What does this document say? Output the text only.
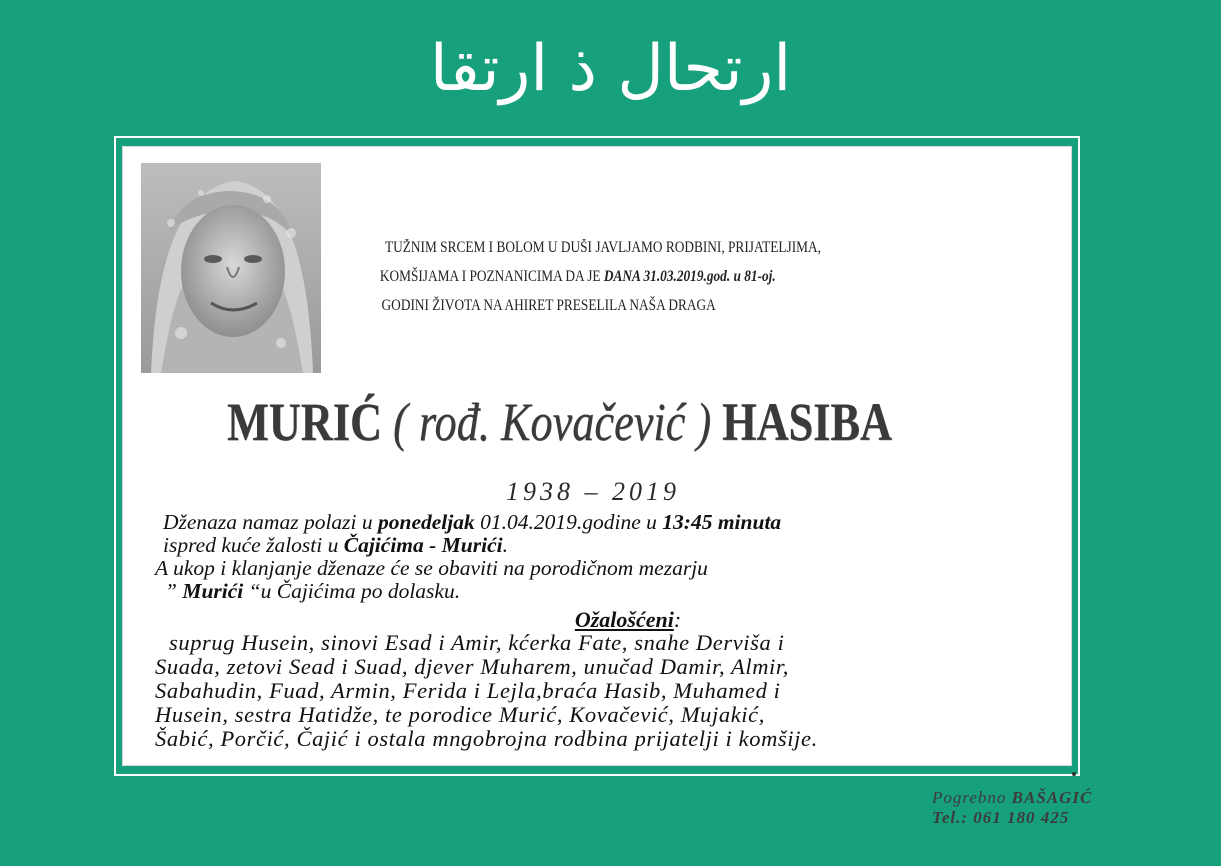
ارتحال ذ ارتقا
TUŽNIM SRCEM I BOLOM U DUŠI JAVLJAMO RODBINI, PRIJATELJIMA,
KOMŠIJAMA I POZNANICIMA DA JE DANA 31.03.2019.god. u 81-oj.
GODINI ŽIVOTA NA AHIRET PRESELILA NAŠA DRAGA
MURIĆ ( rođ. Kovačević ) HASIBA
1938 – 2019
Dženaza namaz polazi u ponedeljak 01.04.2019.godine u 13:45 minuta
ispred kuće žalosti u Čajićima - Murići.
A ukop i klanjanje dženaze će se obaviti na porodičnom mezarju
” Murići “u Čajićima po dolasku.
Ožalošćeni:
suprug Husein, sinovi Esad i Amir, kćerka Fate, snahe Derviša i
Suada, zetovi Sead i Suad, djever Muharem, unučad Damir, Almir,
Sabahudin, Fuad, Armin, Ferida i Lejla,braća Hasib, Muhamed i
Husein, sestra Hatidže, te porodice Murić, Kovačević, Mujakić,
Šabić, Porčić, Čajić i ostala mngobrojna rodbina prijatelji i komšije.
Pogrebno BAŠAGIĆ
Tel.: 061 180 425
